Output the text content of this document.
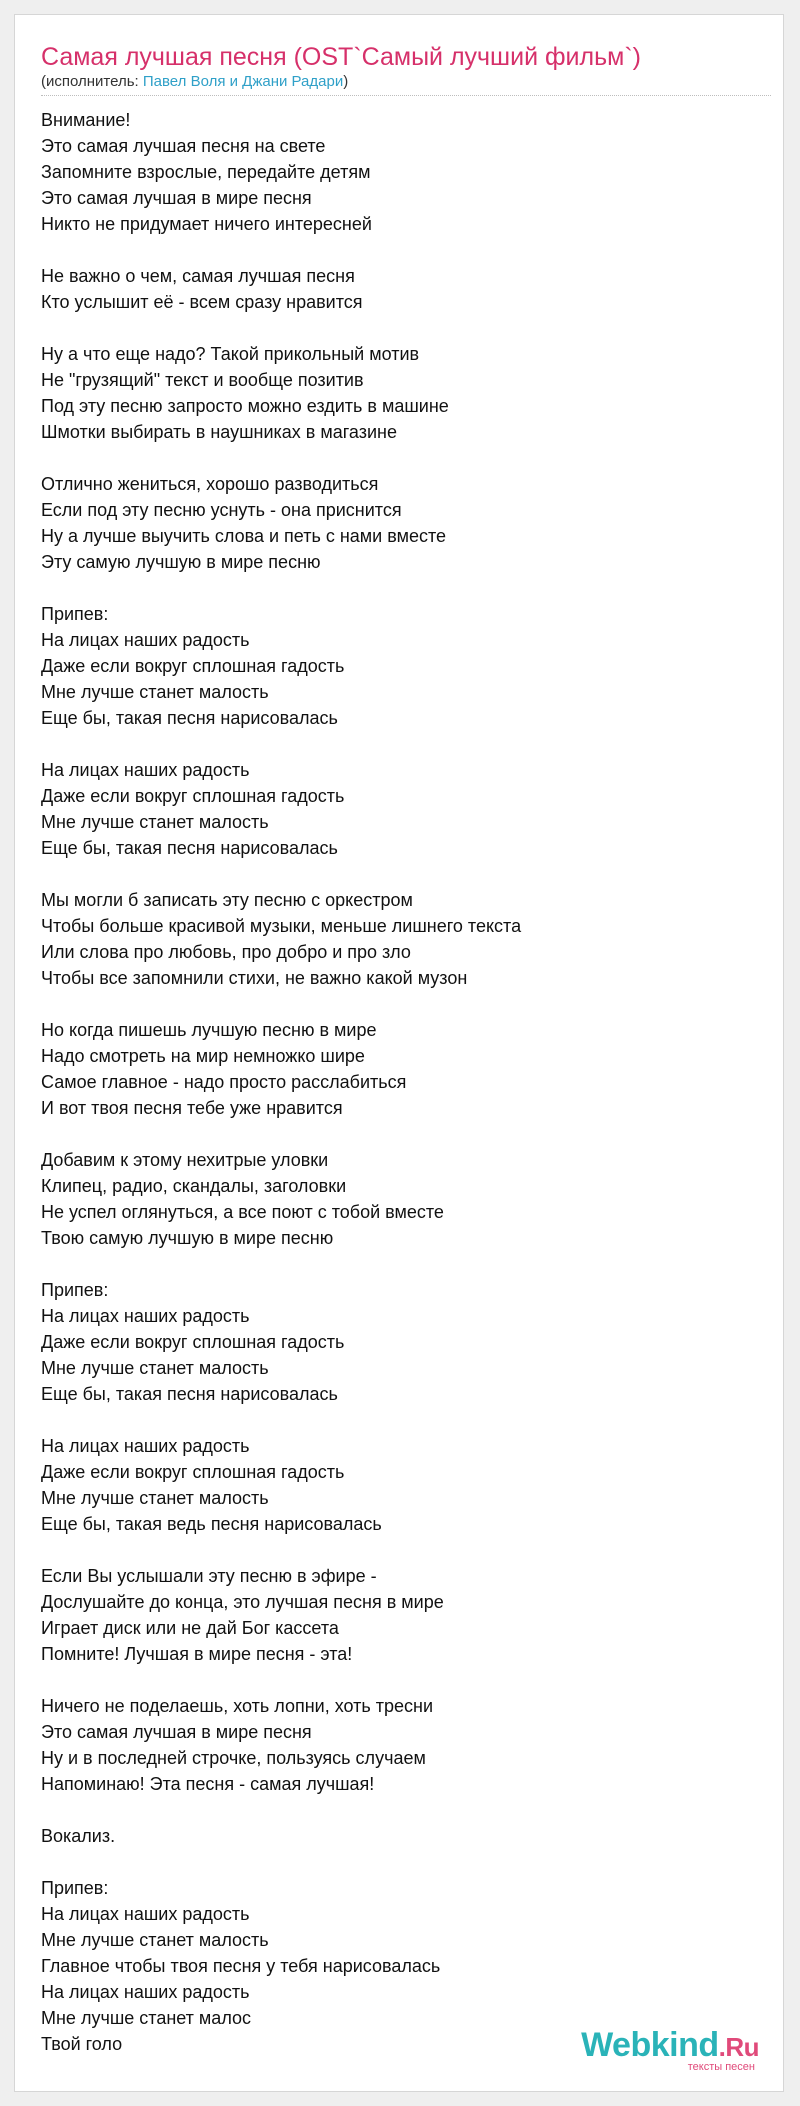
Самая лучшая песня (OST`Самый лучший фильм`)
(исполнитель: Павел Воля и Джани Радари)
Внимание!
Это самая лучшая песня на свете
Запомните взрослые, передайте детям
Это самая лучшая в мире песня
Никто не придумает ничего интересней
Не важно о чем, самая лучшая песня
Кто услышит её - всем сразу нравится
Ну а что еще надо? Такой прикольный мотив
Не "грузящий" текст и вообще позитив
Под эту песню запросто можно ездить в машине
Шмотки выбирать в наушниках в магазине
Отлично жениться, хорошо разводиться
Если под эту песню уснуть - она приснится
Ну а лучше выучить слова и петь с нами вместе
Эту самую лучшую в мире песню
Припев:
На лицах наших радость
Даже если вокруг сплошная гадость
Мне лучше станет малость
Еще бы, такая песня нарисовалась
На лицах наших радость
Даже если вокруг сплошная гадость
Мне лучше станет малость
Еще бы, такая песня нарисовалась
Мы могли б записать эту песню с оркестром
Чтобы больше красивой музыки, меньше лишнего текста
Или слова про любовь, про добро и про зло
Чтобы все запомнили стихи, не важно какой музон
Но когда пишешь лучшую песню в мире
Надо смотреть на мир немножко шире
Самое главное - надо просто расслабиться
И вот твоя песня тебе уже нравится
Добавим к этому нехитрые уловки
Клипец, радио, скандалы, заголовки
Не успел оглянуться, а все поют с тобой вместе
Твою самую лучшую в мире песню
Припев:
На лицах наших радость
Даже если вокруг сплошная гадость
Мне лучше станет малость
Еще бы, такая песня нарисовалась
На лицах наших радость
Даже если вокруг сплошная гадость
Мне лучше станет малость
Еще бы, такая ведь песня нарисовалась
Если Вы услышали эту песню в эфире -
Дослушайте до конца, это лучшая песня в мире
Играет диск или не дай Бог кассета
Помните! Лучшая в мире песня - эта!
Ничего не поделаешь, хоть лопни, хоть тресни
Это самая лучшая в мире песня
Ну и в последней строчке, пользуясь случаем
Напоминаю! Эта песня - самая лучшая!
Вокализ.
Припев:
На лицах наших радость
Мне лучше станет малость
Главное чтобы твоя песня у тебя нарисовалась
На лицах наших радость
Мне лучше станет малос
Твой голо	Webkind.Ru
тексты песен
